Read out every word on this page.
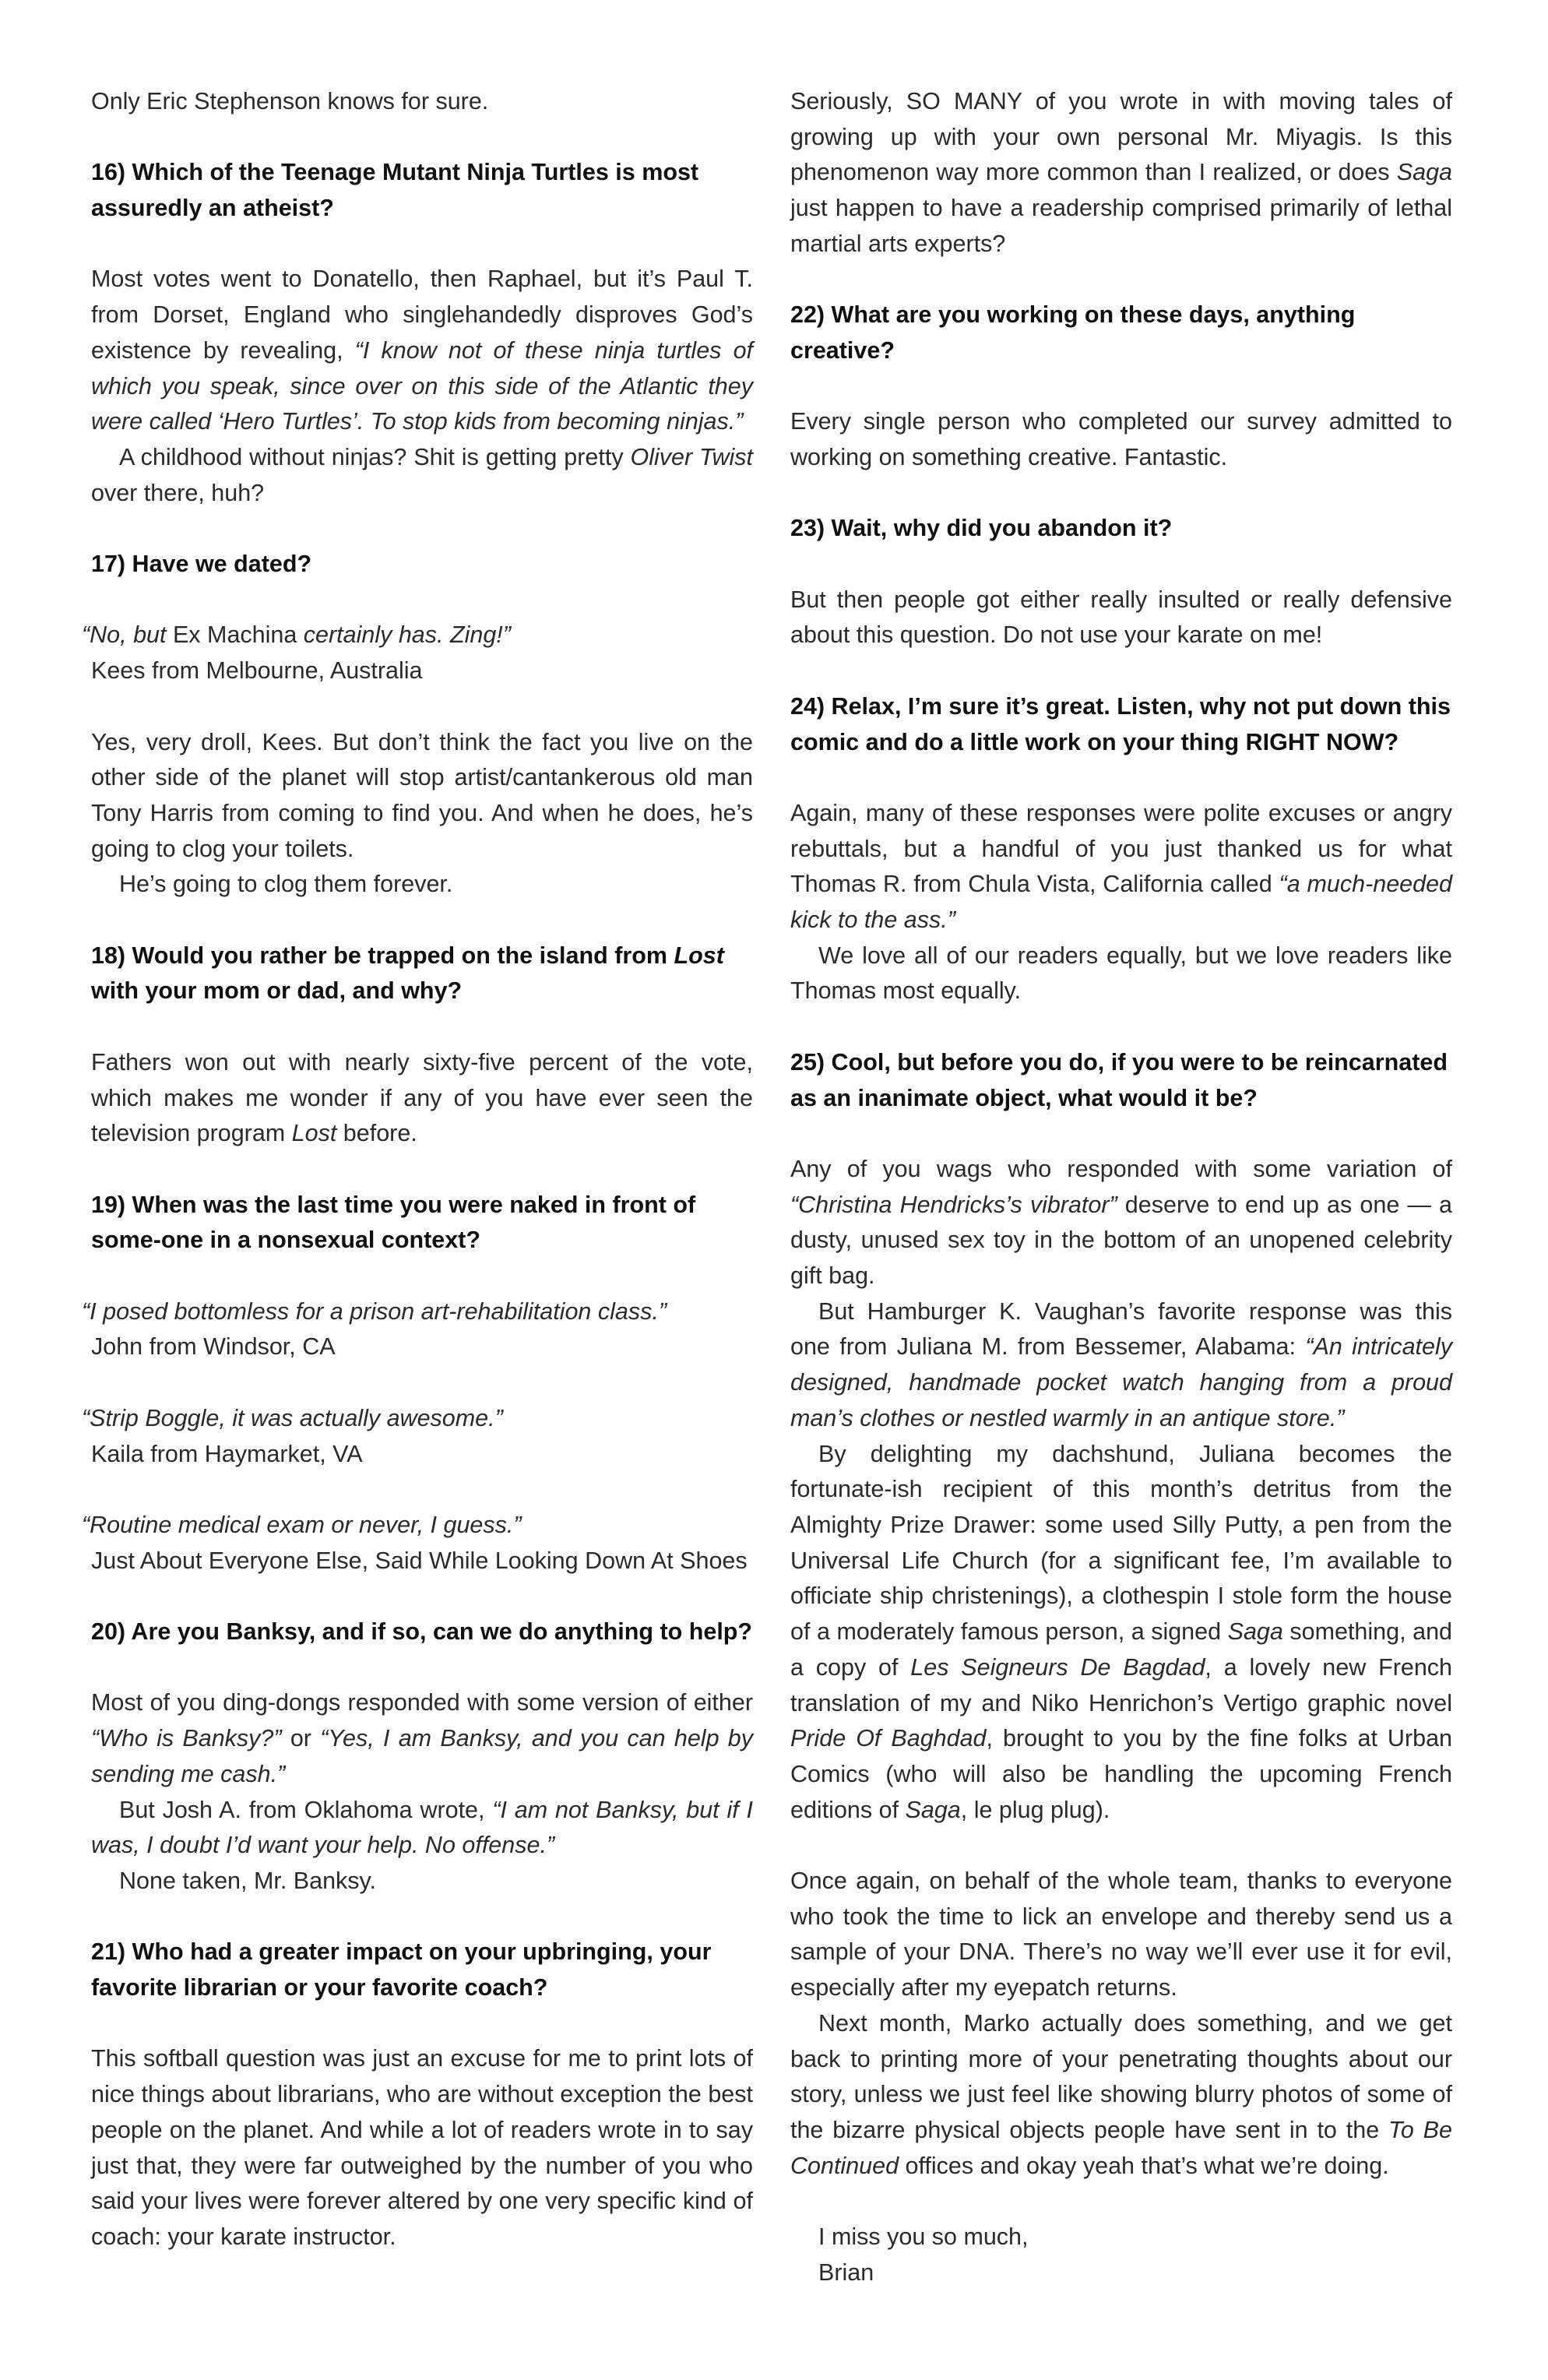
Only Eric Stephenson knows for sure.

16) Which of the Teenage Mutant Ninja Turtles is most assuredly an atheist?

Most votes went to Donatello, then Raphael, but it’s Paul T. from Dorset, England who singlehandedly disproves God’s existence by revealing, “I know not of these ninja turtles of which you speak, since over on this side of the Atlantic they were called ‘Hero Turtles’. To stop kids from becoming ninjas.”

A childhood without ninjas? Shit is getting pretty Oliver Twist over there, huh?

17) Have we dated?

“No, but Ex Machina certainly has. Zing!”

Kees from Melbourne, Australia

Yes, very droll, Kees. But don’t think the fact you live on the other side of the planet will stop artist/cantankerous old man Tony Harris from coming to find you. And when he does, he’s going to clog your toilets.

He’s going to clog them forever.

18) Would you rather be trapped on the island from Lost with your mom or dad, and why?

Fathers won out with nearly sixty-five percent of the vote, which makes me wonder if any of you have ever seen the television program Lost before.

19) When was the last time you were naked in front of some-one in a nonsexual context?

“I posed bottomless for a prison art-rehabilitation class.”

John from Windsor, CA

“Strip Boggle, it was actually awesome.”

Kaila from Haymarket, VA

“Routine medical exam or never, I guess.”

Just About Everyone Else, Said While Looking Down At Shoes

20) Are you Banksy, and if so, can we do anything to help?

Most of you ding-dongs responded with some version of either “Who is Banksy?” or “Yes, I am Banksy, and you can help by sending me cash.”

But Josh A. from Oklahoma wrote, “I am not Banksy, but if I was, I doubt I’d want your help. No offense.”

None taken, Mr. Banksy.

21) Who had a greater impact on your upbringing, your favorite librarian or your favorite coach?

This softball question was just an excuse for me to print lots of nice things about librarians, who are without exception the best people on the planet. And while a lot of readers wrote in to say just that, they were far outweighed by the number of you who said your lives were forever altered by one very specific kind of coach: your karate instructor.

Seriously, SO MANY of you wrote in with moving tales of growing up with your own personal Mr. Miyagis. Is this phenomenon way more common than I realized, or does Saga just happen to have a readership comprised primarily of lethal martial arts experts?

22) What are you working on these days, anything creative?

Every single person who completed our survey admitted to working on something creative. Fantastic.

23) Wait, why did you abandon it?

But then people got either really insulted or really defensive about this question. Do not use your karate on me!

24) Relax, I’m sure it’s great. Listen, why not put down this comic and do a little work on your thing RIGHT NOW?

Again, many of these responses were polite excuses or angry rebuttals, but a handful of you just thanked us for what Thomas R. from Chula Vista, California called “a much-needed kick to the ass.”

We love all of our readers equally, but we love readers like Thomas most equally.

25) Cool, but before you do, if you were to be reincarnated as an inanimate object, what would it be?

Any of you wags who responded with some variation of “Christina Hendricks’s vibrator” deserve to end up as one — a dusty, unused sex toy in the bottom of an unopened celebrity gift bag.

But Hamburger K. Vaughan’s favorite response was this one from Juliana M. from Bessemer, Alabama: “An intricately designed, handmade pocket watch hanging from a proud man’s clothes or nestled warmly in an antique store.”

By delighting my dachshund, Juliana becomes the fortunate-ish recipient of this month’s detritus from the Almighty Prize Drawer: some used Silly Putty, a pen from the Universal Life Church (for a significant fee, I’m available to officiate ship christenings), a clothespin I stole form the house of a moderately famous person, a signed Saga something, and a copy of Les Seigneurs De Bagdad, a lovely new French translation of my and Niko Henrichon’s Vertigo graphic novel Pride Of Baghdad, brought to you by the fine folks at Urban Comics (who will also be handling the upcoming French editions of Saga, le plug plug).

Once again, on behalf of the whole team, thanks to everyone who took the time to lick an envelope and thereby send us a sample of your DNA. There’s no way we’ll ever use it for evil, especially after my eyepatch returns.

Next month, Marko actually does something, and we get back to printing more of your penetrating thoughts about our story, unless we just feel like showing blurry photos of some of the bizarre physical objects people have sent in to the To Be Continued offices and okay yeah that’s what we’re doing.

I miss you so much,

Brian
